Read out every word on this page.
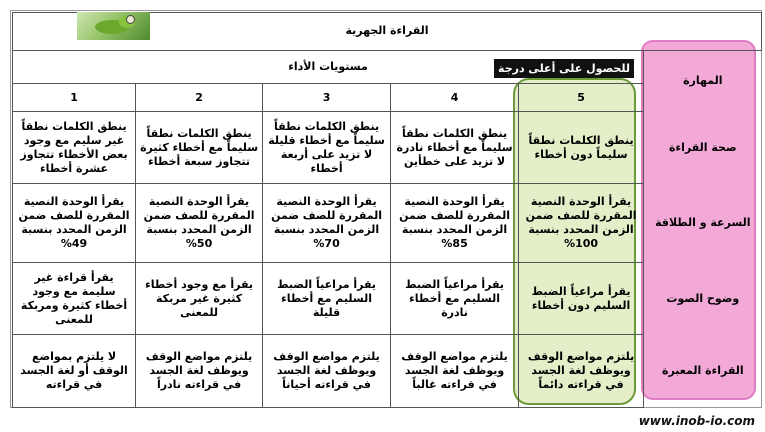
القراءة الجهرية					
المهارة	مستويات الأداء				
	5	4	3	2	1
صحة القراءة	ينطق الكلمات نطقاً سليماً دون أخطاء	ينطق الكلمات نطقاً سليماً مع أخطاء نادرة لا تزيد على خطأين	ينطق الكلمات نطقاً سليماً مع أخطاء قليلة لا تزيد على أربعة أخطاء	ينطق الكلمات نطقاً سليماً مع أخطاء كثيرة تتجاوز سبعة أخطاء	ينطق الكلمات نطقاً غير سليم مع وجود بعض الأخطاء تتجاوز عشرة أخطاء
السرعة و الطلاقة	يقرأ الوحدة النصية المقررة للصف ضمن الزمن المحدد بنسبة 100%	يقرأ الوحدة النصية المقررة للصف ضمن الزمن المحدد بنسبة 85%	يقرأ الوحدة النصية المقررة للصف ضمن الزمن المحدد بنسبة 70%	يقرأ الوحدة النصية المقررة للصف ضمن الزمن المحدد بنسبة 50%	يقرأ الوحدة النصية المقررة للصف ضمن الزمن المحدد بنسبة 49%
وضوح الصوت	يقرأ مراعياً الضبط السليم دون أخطاء	يقرأ مراعياً الضبط السليم مع أخطاء نادرة	يقرأ مراعياً الضبط السليم مع أخطاء قليلة	يقرأ مع وجود أخطاء كثيرة غير مربكة للمعنى	يقرأ قراءة غير سليمة مع وجود أخطاء كثيرة ومربكة للمعنى
القراءة المعبرة	يلتزم مواضع الوقف ويوظف لغة الجسد في قراءته دائماً	يلتزم مواضع الوقف ويوظف لغة الجسد في قراءته غالباً	يلتزم مواضع الوقف ويوظف لغة الجسد في قراءته أحياناً	يلتزم مواضع الوقف ويوظف لغة الجسد في قراءته نادراً	لا يلتزم بمواضع الوقف أو لغة الجسد في قراءته
للحصول على أعلى درجة
www.inob-io.com
